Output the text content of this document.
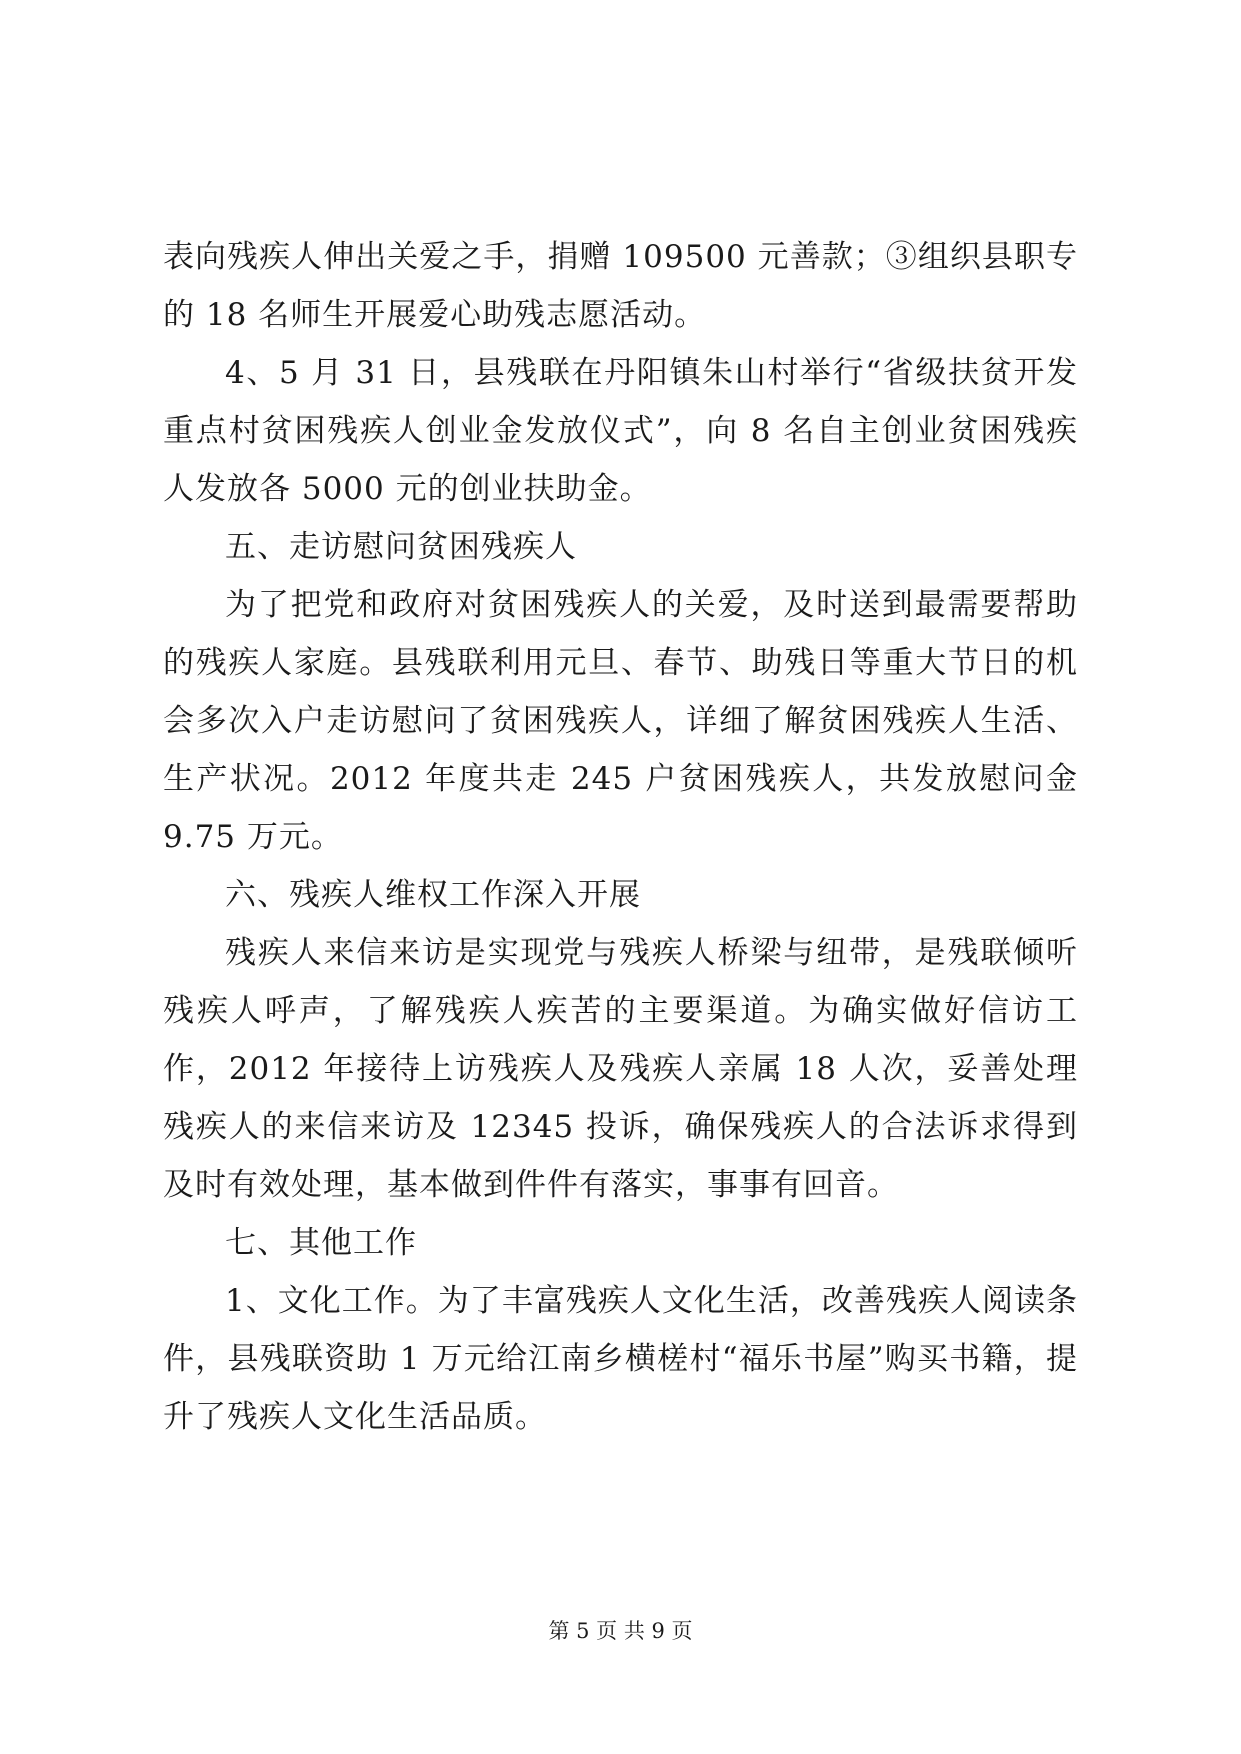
表向残疾人伸出关爱之手，捐赠 109500 元善款；③组织县职专的 18 名师生开展爱心助残志愿活动。

4、5 月 31 日，县残联在丹阳镇朱山村举行“省级扶贫开发重点村贫困残疾人创业金发放仪式”，向 8 名自主创业贫困残疾人发放各 5000 元的创业扶助金。

五、走访慰问贫困残疾人

为了把党和政府对贫困残疾人的关爱，及时送到最需要帮助的残疾人家庭。县残联利用元旦、春节、助残日等重大节日的机会多次入户走访慰问了贫困残疾人，详细了解贫困残疾人生活、生产状况。2012 年度共走 245 户贫困残疾人，共发放慰问金 9.75 万元。

六、残疾人维权工作深入开展

残疾人来信来访是实现党与残疾人桥梁与纽带，是残联倾听残疾人呼声，了解残疾人疾苦的主要渠道。为确实做好信访工作，2012 年接待上访残疾人及残疾人亲属 18 人次，妥善处理残疾人的来信来访及 12345 投诉，确保残疾人的合法诉求得到及时有效处理，基本做到件件有落实，事事有回音。

七、其他工作

1、文化工作。为了丰富残疾人文化生活，改善残疾人阅读条件，县残联资助 1 万元给江南乡横槎村“福乐书屋”购买书籍，提升了残疾人文化生活品质。

第 5 页 共 9 页
